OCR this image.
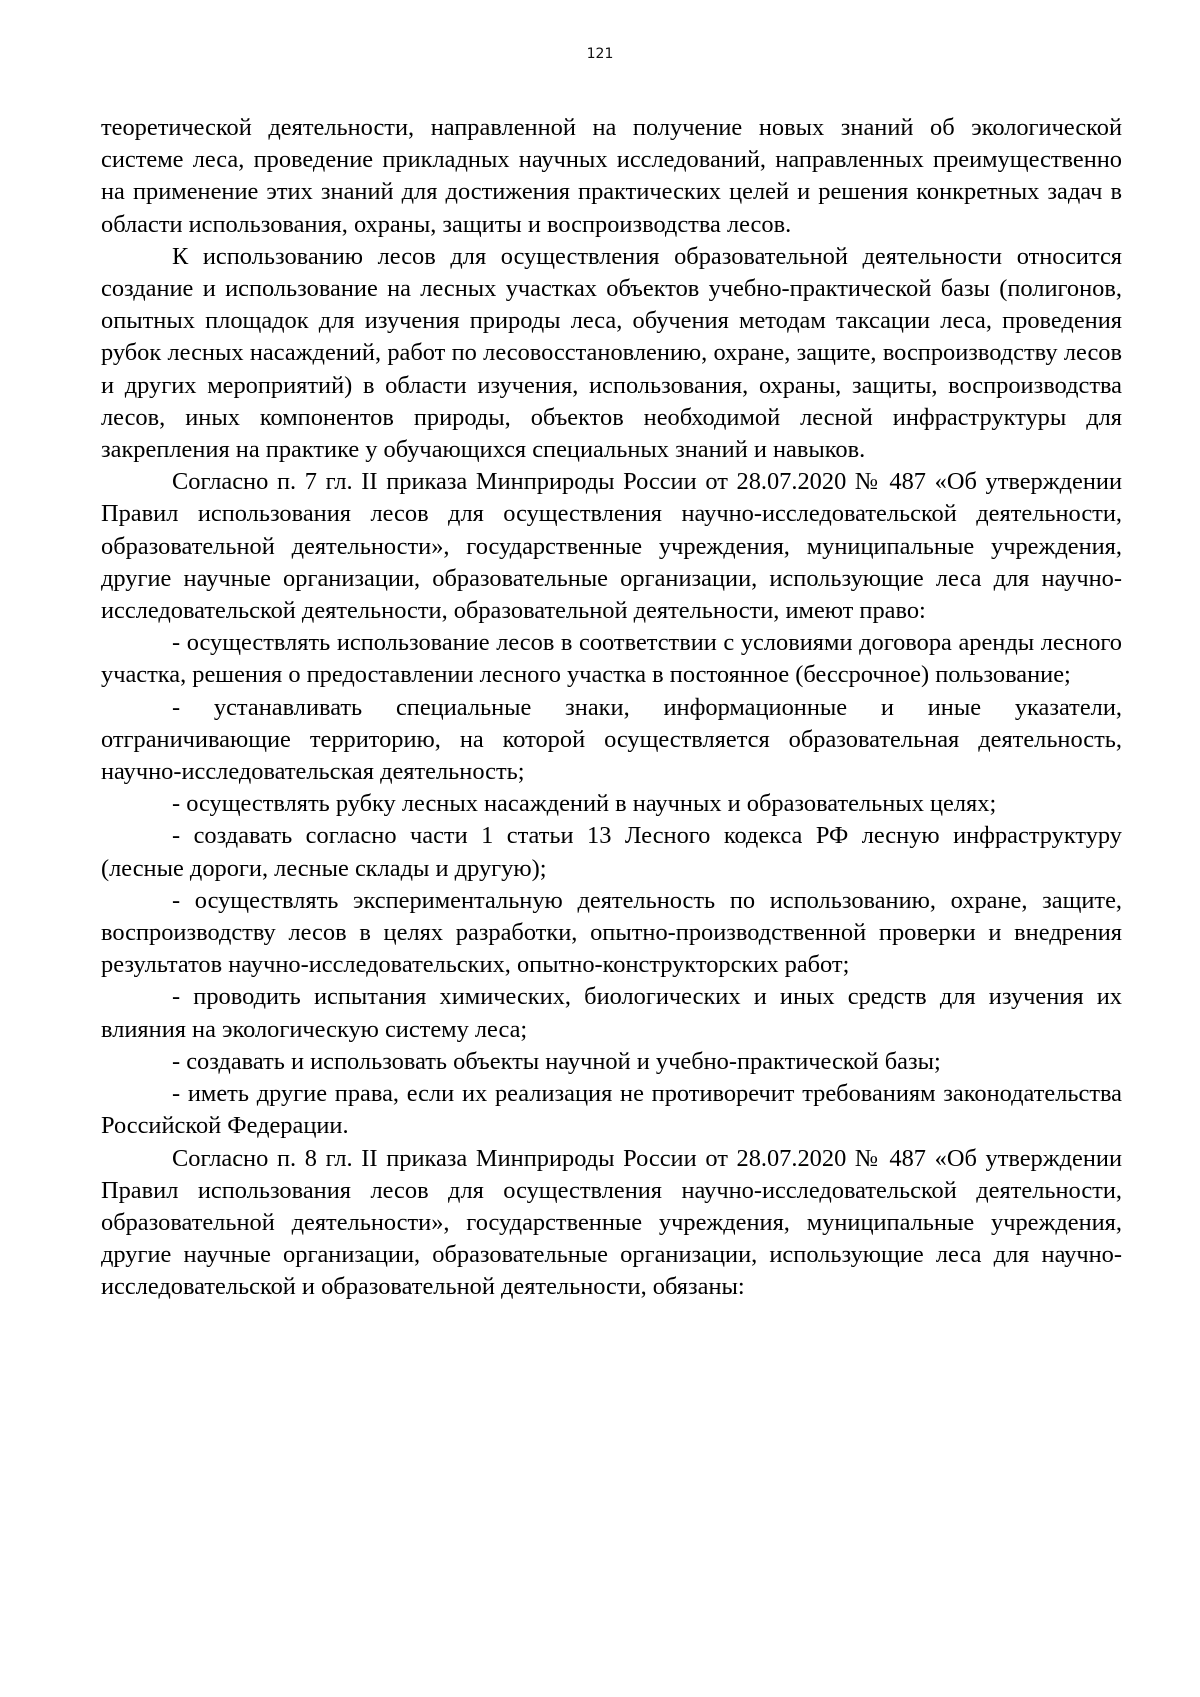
121

теоретической деятельности, направленной на получение новых знаний об экологической системе леса, проведение прикладных научных исследований, направленных преимущественно на применение этих знаний для достижения практических целей и решения конкретных задач в области использования, охраны, защиты и воспроизводства лесов.

К использованию лесов для осуществления образовательной деятельности относится создание и использование на лесных участках объектов учебно-практической базы (полигонов, опытных площадок для изучения природы леса, обучения методам таксации леса, проведения рубок лесных насаждений, работ по лесовосстановлению, охране, защите, воспроизводству лесов и других мероприятий) в области изучения, использования, охраны, защиты, воспроизводства лесов, иных компонентов природы, объектов необходимой лесной инфраструктуры для закрепления на практике у обучающихся специальных знаний и навыков.

Согласно п. 7 гл. II приказа Минприроды России от 28.07.2020 № 487 «Об утверждении Правил использования лесов для осуществления научно-исследовательской деятельности, образовательной деятельности», государственные учреждения, муниципальные учреждения, другие научные организации, образовательные организации, использующие леса для научно-исследовательской деятельности, образовательной деятельности, имеют право:

- осуществлять использование лесов в соответствии с условиями договора аренды лесного участка, решения о предоставлении лесного участка в постоянное (бессрочное) пользование;

- устанавливать специальные знаки, информационные и иные указатели, отграничивающие территорию, на которой осуществляется образовательная деятельность, научно-исследовательская деятельность;

- осуществлять рубку лесных насаждений в научных и образовательных целях;

- создавать согласно части 1 статьи 13 Лесного кодекса РФ лесную инфраструктуру (лесные дороги, лесные склады и другую);

- осуществлять экспериментальную деятельность по использованию, охране, защите, воспроизводству лесов в целях разработки, опытно-производственной проверки и внедрения результатов научно-исследовательских, опытно-конструкторских работ;

- проводить испытания химических, биологических и иных средств для изучения их влияния на экологическую систему леса;

- создавать и использовать объекты научной и учебно-практической базы;

- иметь другие права, если их реализация не противоречит требованиям законодательства Российской Федерации.

Согласно п. 8 гл. II приказа Минприроды России от 28.07.2020 № 487 «Об утверждении Правил использования лесов для осуществления научно-исследовательской деятельности, образовательной деятельности», государственные учреждения, муниципальные учреждения, другие научные организации, образовательные организации, использующие леса для научно-исследовательской и образовательной деятельности, обязаны:
